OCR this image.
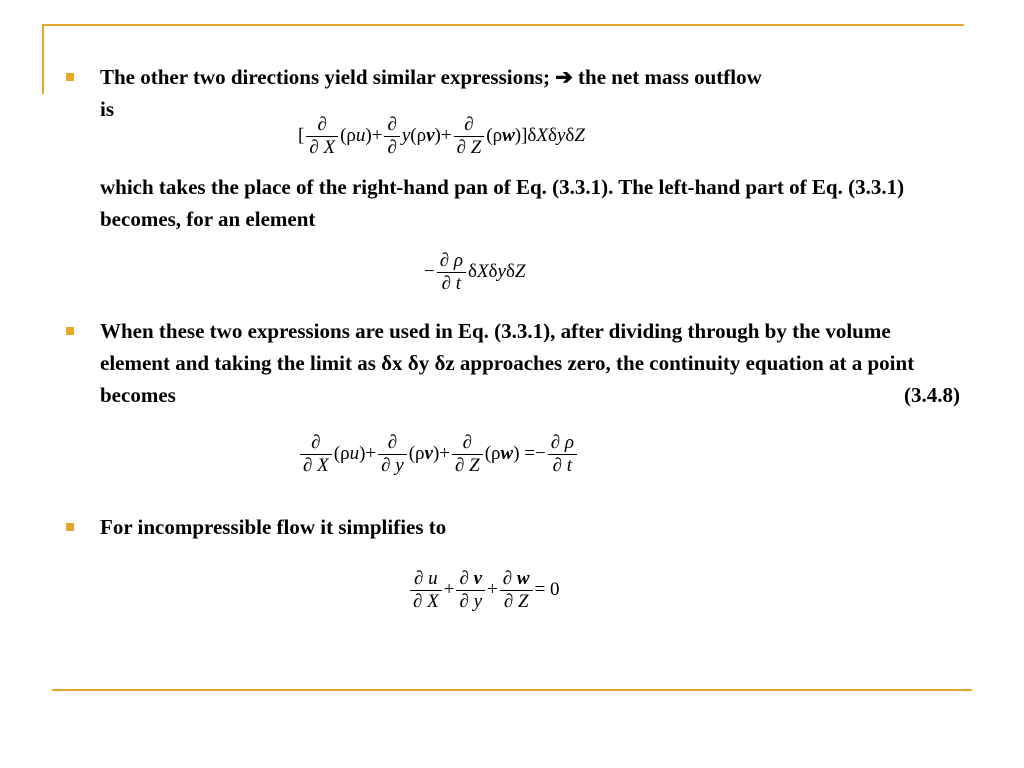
The other two directions yield similar expressions; ➔ the net mass outflow
is
[ $\frac{\partial}{\partial X} (\rho u)+ \frac{\partial}{\partial} y(\rho v)+ \frac{\partial}{\partial Z} (\rho w)]\delta X\delta y\delta Z$
which takes the place of the right-hand pan of Eq. (3.3.1). The left-hand part of Eq. (3.3.1) becomes, for an element
− $\frac{\partial \rho}{\partial t}$ δXδyδZ
When these two expressions are used in Eq. (3.3.1), after dividing through by the volume element and taking the limit as δx δy δz approaches zero, the continuity equation at a point becomes	(3.4.8)
$\frac{\partial}{\partial X} (\rho u)+ \frac{\partial}{\partial y} (\rho v)+ \frac{\partial}{\partial Z} (\rho w) =- \frac{\partial \rho}{\partial t}$
For incompressible flow it simplifies to
$\frac{\partial u}{\partial X} + \frac{\partial v}{\partial y} + \frac{\partial w}{\partial Z} = 0$
